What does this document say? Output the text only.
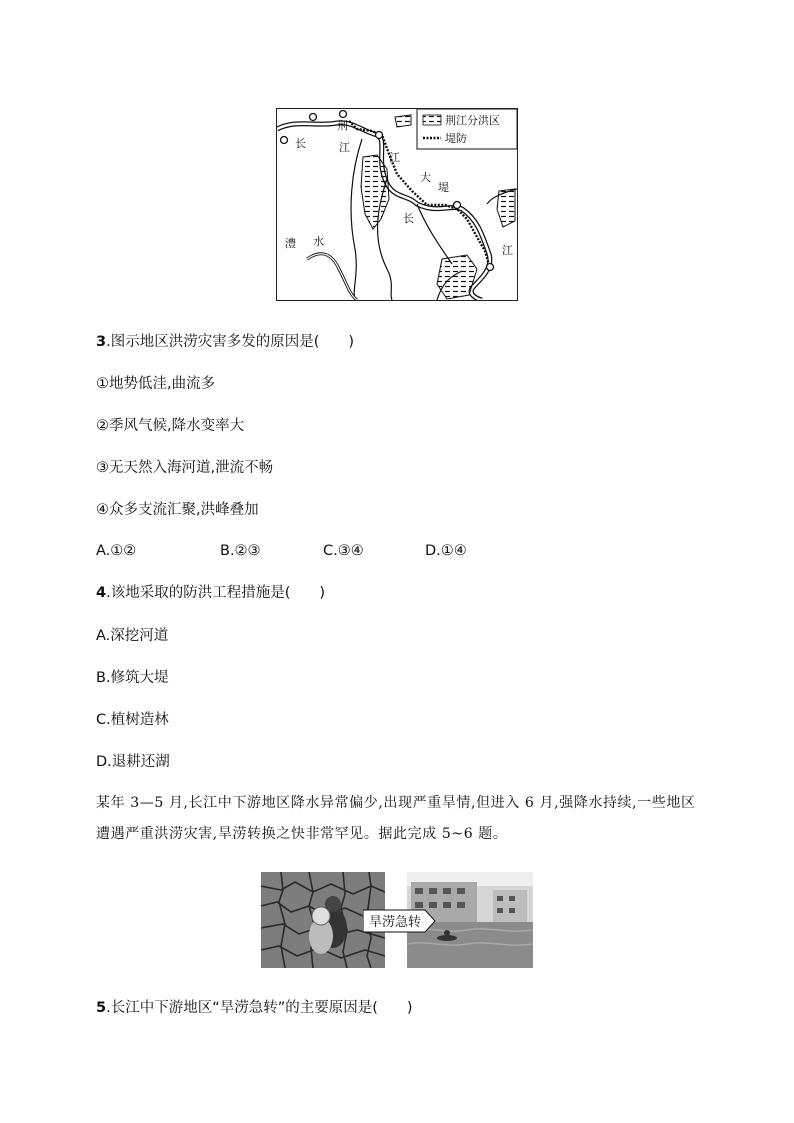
荆江分洪区
堤防
荆
长	江
江
大
堤
长
江
澧 水
3.图示地区洪涝灾害多发的原因是(　　)
①地势低洼,曲流多
②季风气候,降水变率大
③无天然入海河道,泄流不畅
④众多支流汇聚,洪峰叠加
A.①②	B.②③	C.③④	D.①④
4.该地采取的防洪工程措施是(　　)
A.深挖河道
B.修筑大堤
C.植树造林
D.退耕还湖
某年 3—5 月,长江中下游地区降水异常偏少,出现严重旱情,但进入 6 月,强降水持续,一些地区遭遇严重洪涝灾害,旱涝转换之快非常罕见。据此完成 5~6 题。
旱涝急转
5.长江中下游地区“旱涝急转”的主要原因是(　　)
